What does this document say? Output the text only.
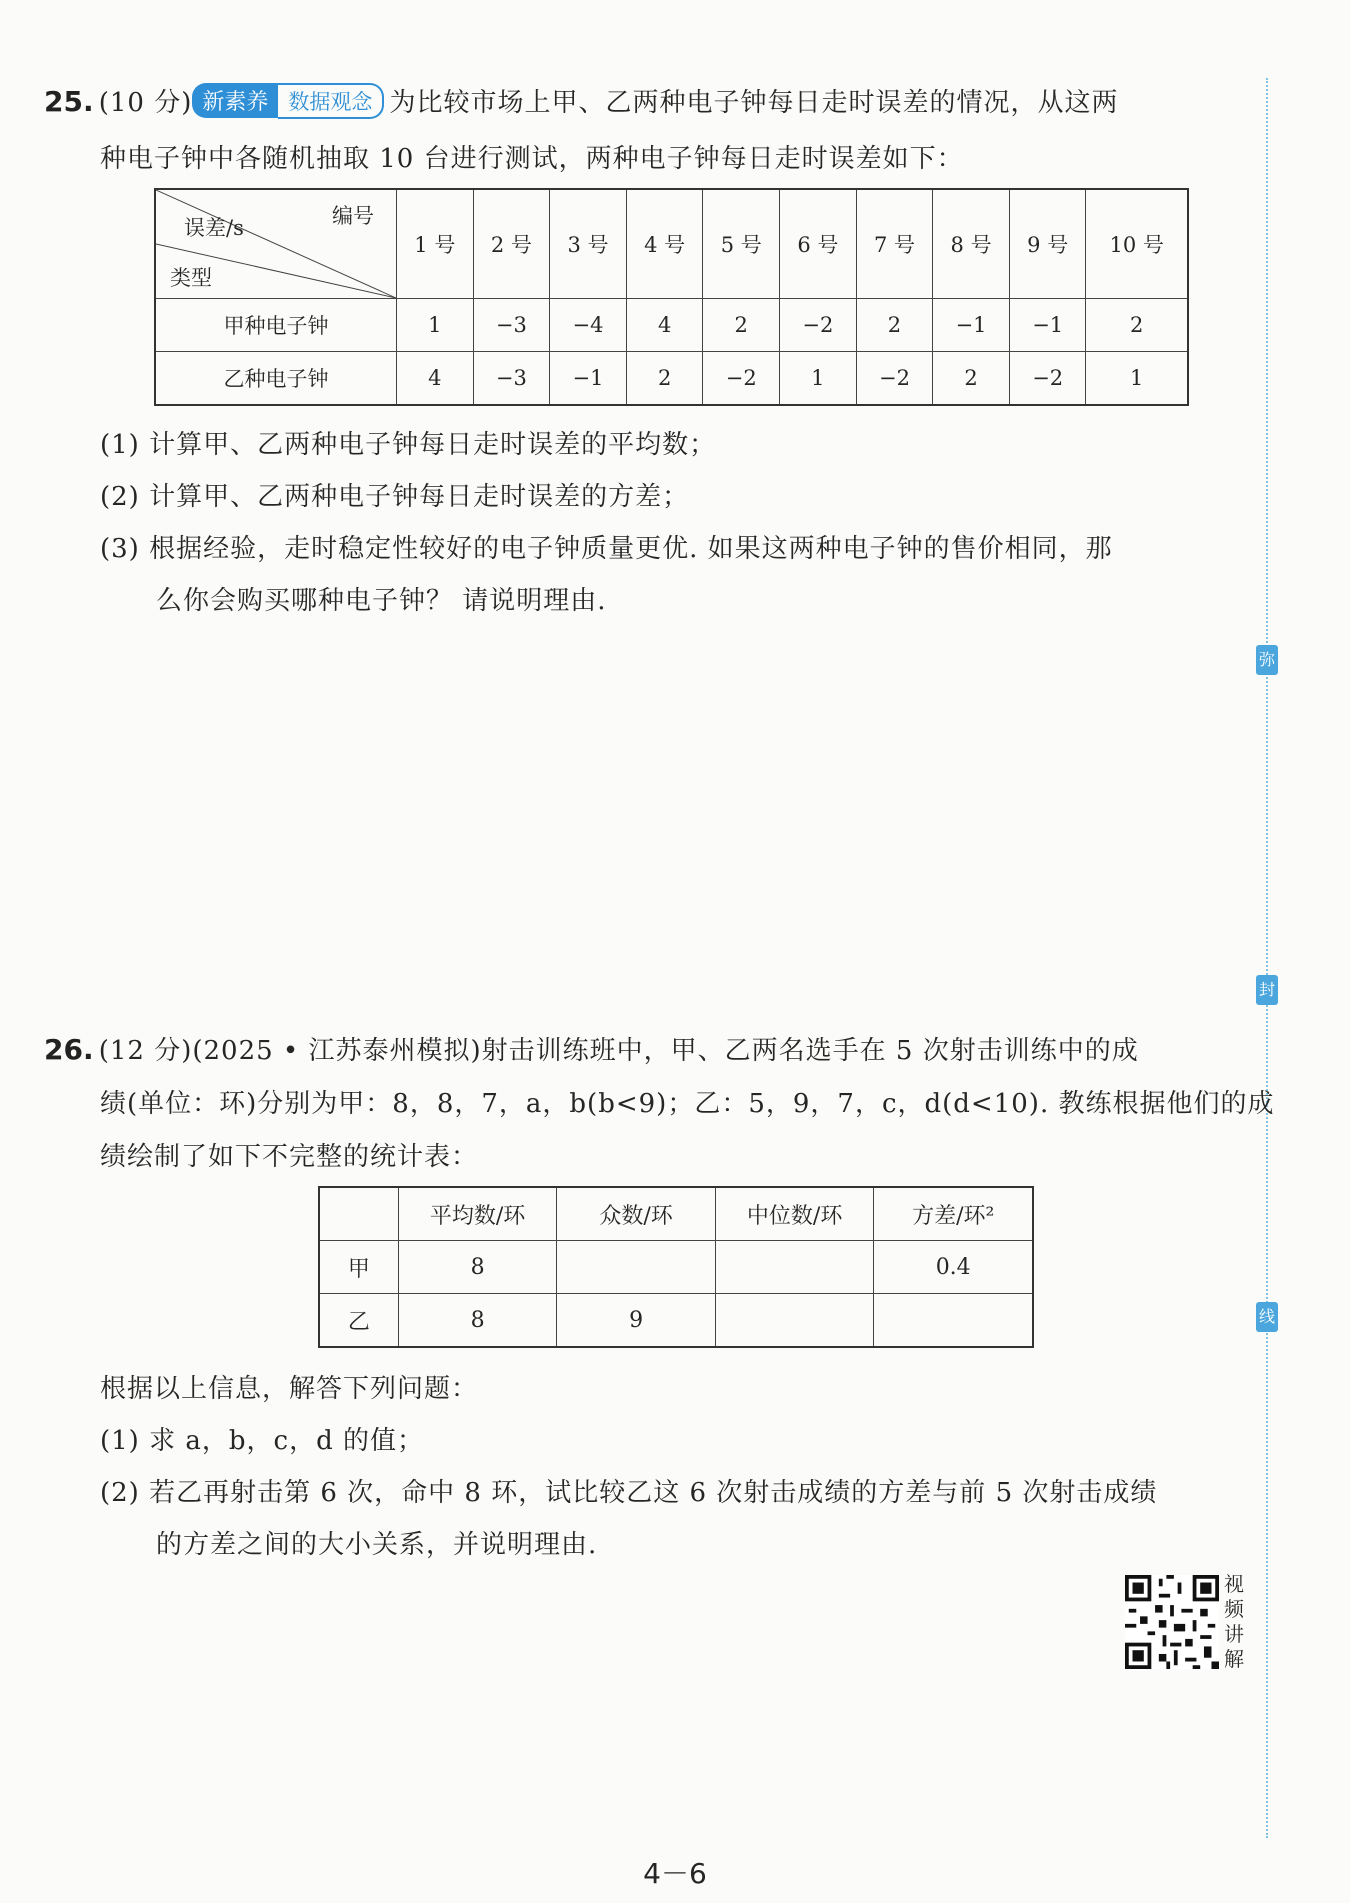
弥
封
线
25. (10 分) 新素养 数据观念 为比较市场上甲、乙两种电子钟每日走时误差的情况，从这两
种电子钟中各随机抽取 10 台进行测试，两种电子钟每日走时误差如下：
编号
误差/s
类型	1 号	2 号	3 号	4 号	5 号	6 号	7 号	8 号	9 号	10 号
甲种电子钟	1	−3	−4	4	2	−2	2	−1	−1	2
乙种电子钟	4	−3	−1	2	−2	1	−2	2	−2	1
(1) 计算甲、乙两种电子钟每日走时误差的平均数；
(2) 计算甲、乙两种电子钟每日走时误差的方差；
(3) 根据经验，走时稳定性较好的电子钟质量更优. 如果这两种电子钟的售价相同，那
么你会购买哪种电子钟？ 请说明理由.
26. (12 分)(2025 • 江苏泰州模拟)射击训练班中，甲、乙两名选手在 5 次射击训练中的成
绩(单位：环)分别为甲：8，8，7，a，b(b<9)；乙：5，9，7，c，d(d<10). 教练根据他们的成
绩绘制了如下不完整的统计表：
	平均数/环	众数/环	中位数/环	方差/环²
甲	8			0.4
乙	8	9		
根据以上信息，解答下列问题：
(1) 求 a，b，c，d 的值；
(2) 若乙再射击第 6 次，命中 8 环，试比较乙这 6 次射击成绩的方差与前 5 次射击成绩
的方差之间的大小关系，并说明理由.
视
频
讲
解
4－6
